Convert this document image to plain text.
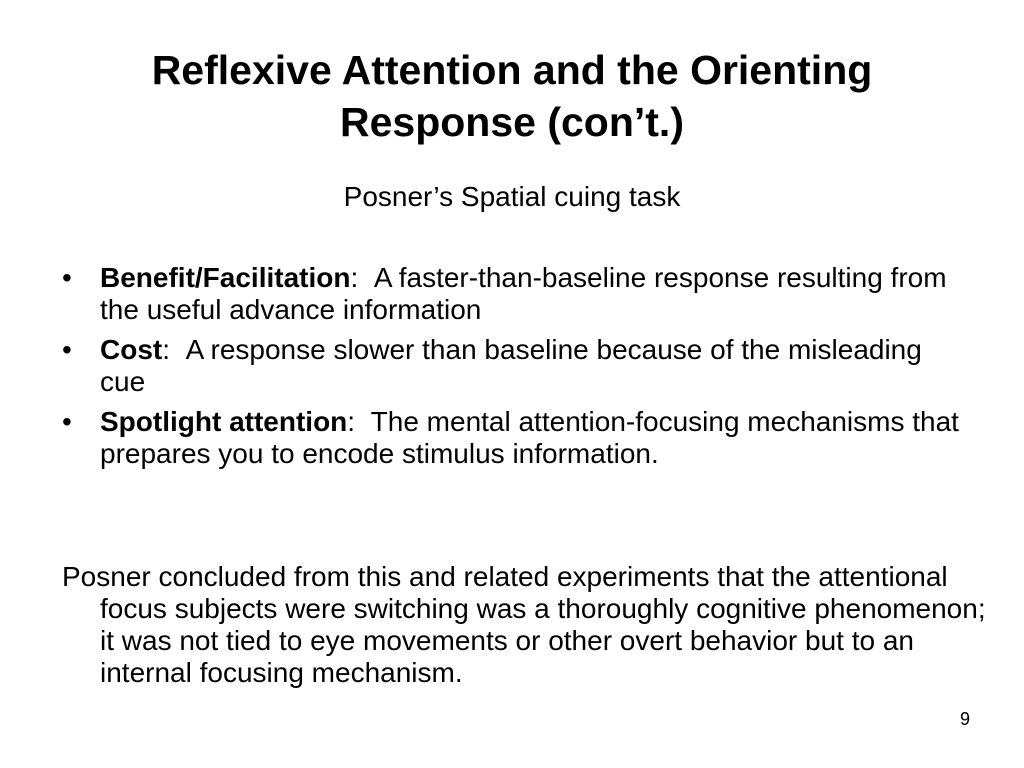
Reflexive Attention and the Orienting Response (con’t.)

Posner’s Spatial cuing task

• Benefit/Facilitation: A faster-than-baseline response resulting from the useful advance information
• Cost: A response slower than baseline because of the misleading cue
• Spotlight attention: The mental attention-focusing mechanisms that prepares you to encode stimulus information.

Posner concluded from this and related experiments that the attentional focus subjects were switching was a thoroughly cognitive phenomenon; it was not tied to eye movements or other overt behavior but to an internal focusing mechanism.

9
